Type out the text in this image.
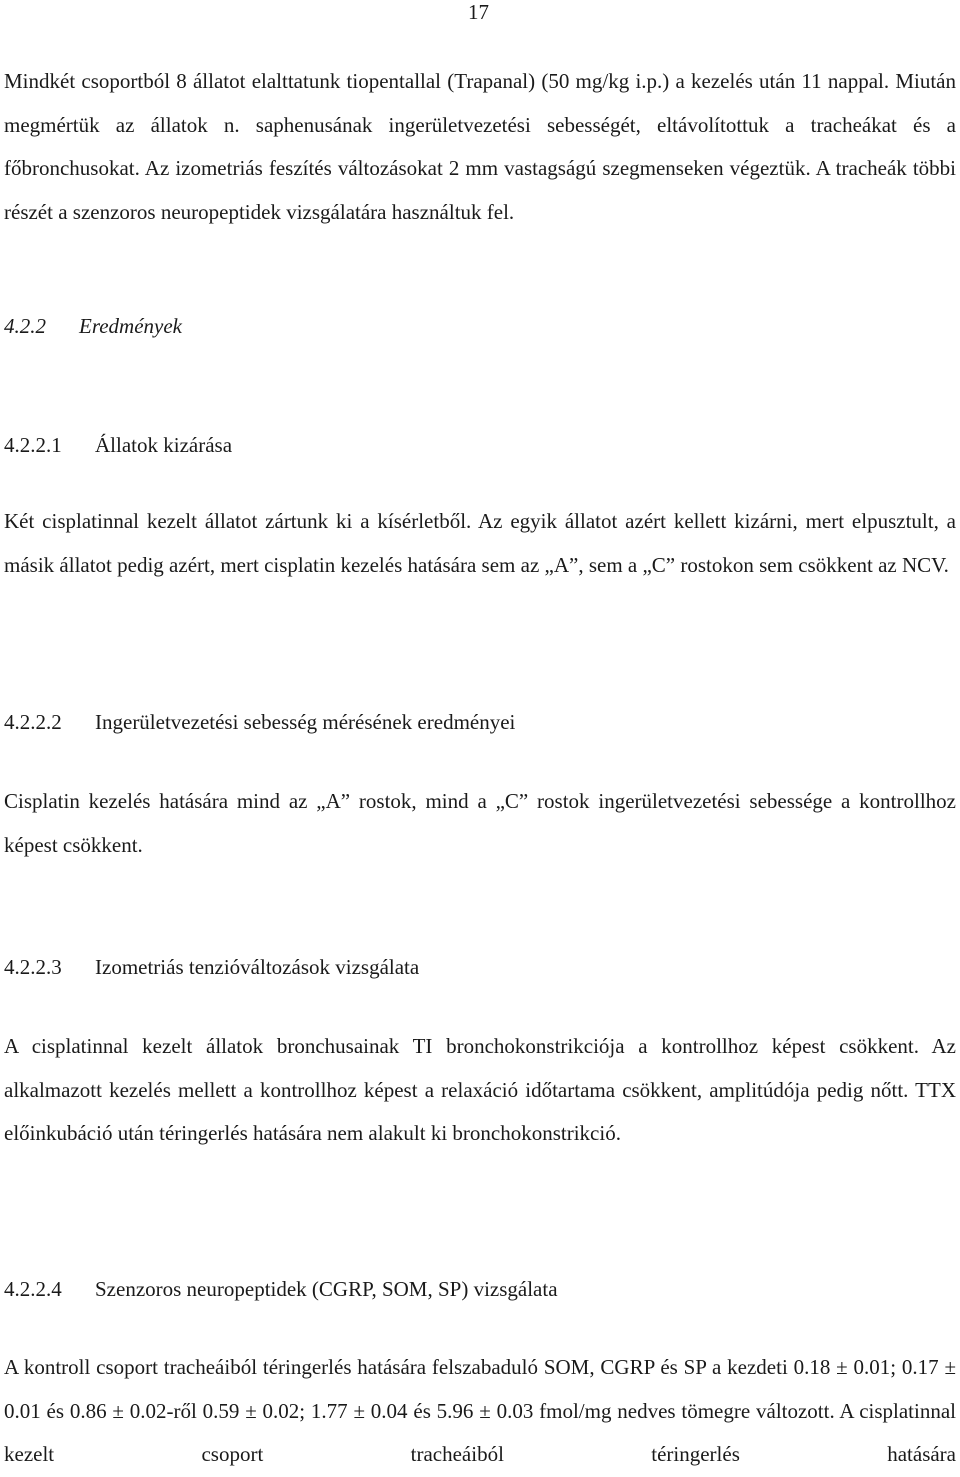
17

Mindkét csoportból 8 állatot elalttatunk tiopentallal (Trapanal) (50 mg/kg i.p.) a kezelés után 11 nappal. Miután megmértük az állatok n. saphenusának ingerületvezetési sebességét, eltávolítottuk a tracheákat és a főbronchusokat. Az izometriás feszítés változásokat 2 mm vastagságú szegmenseken végeztük. A tracheák többi részét a szenzoros neuropeptidek vizsgálatára használtuk fel.

4.2.2 Eredmények
4.2.2.1 Állatok kizárása

Két cisplatinnal kezelt állatot zártunk ki a kísérletből. Az egyik állatot azért kellett kizárni, mert elpusztult, a másik állatot pedig azért, mert cisplatin kezelés hatására sem az „A”, sem a „C” rostokon sem csökkent az NCV.

4.2.2.2 Ingerületvezetési sebesség mérésének eredményei

Cisplatin kezelés hatására mind az „A” rostok, mind a „C” rostok ingerületvezetési sebessége a kontrollhoz képest csökkent.

4.2.2.3 Izometriás tenzióváltozások vizsgálata

A cisplatinnal kezelt állatok bronchusainak TI bronchokonstrikciója a kontrollhoz képest csökkent. Az alkalmazott kezelés mellett a kontrollhoz képest a relaxáció időtartama csökkent, amplitúdója pedig nőtt. TTX előinkubáció után téringerlés hatására nem alakult ki bronchokonstrikció.

4.2.2.4 Szenzoros neuropeptidek (CGRP, SOM, SP) vizsgálata

A kontroll csoport tracheáiból téringerlés hatására felszabaduló SOM, CGRP és SP a kezdeti 0.18 ± 0.01; 0.17 ± 0.01 és 0.86 ± 0.02-ről 0.59 ± 0.02; 1.77 ± 0.04 és 5.96 ± 0.03 fmol/mg nedves tömegre változott. A cisplatinnal kezelt csoport tracheáiból téringerlés hatására
